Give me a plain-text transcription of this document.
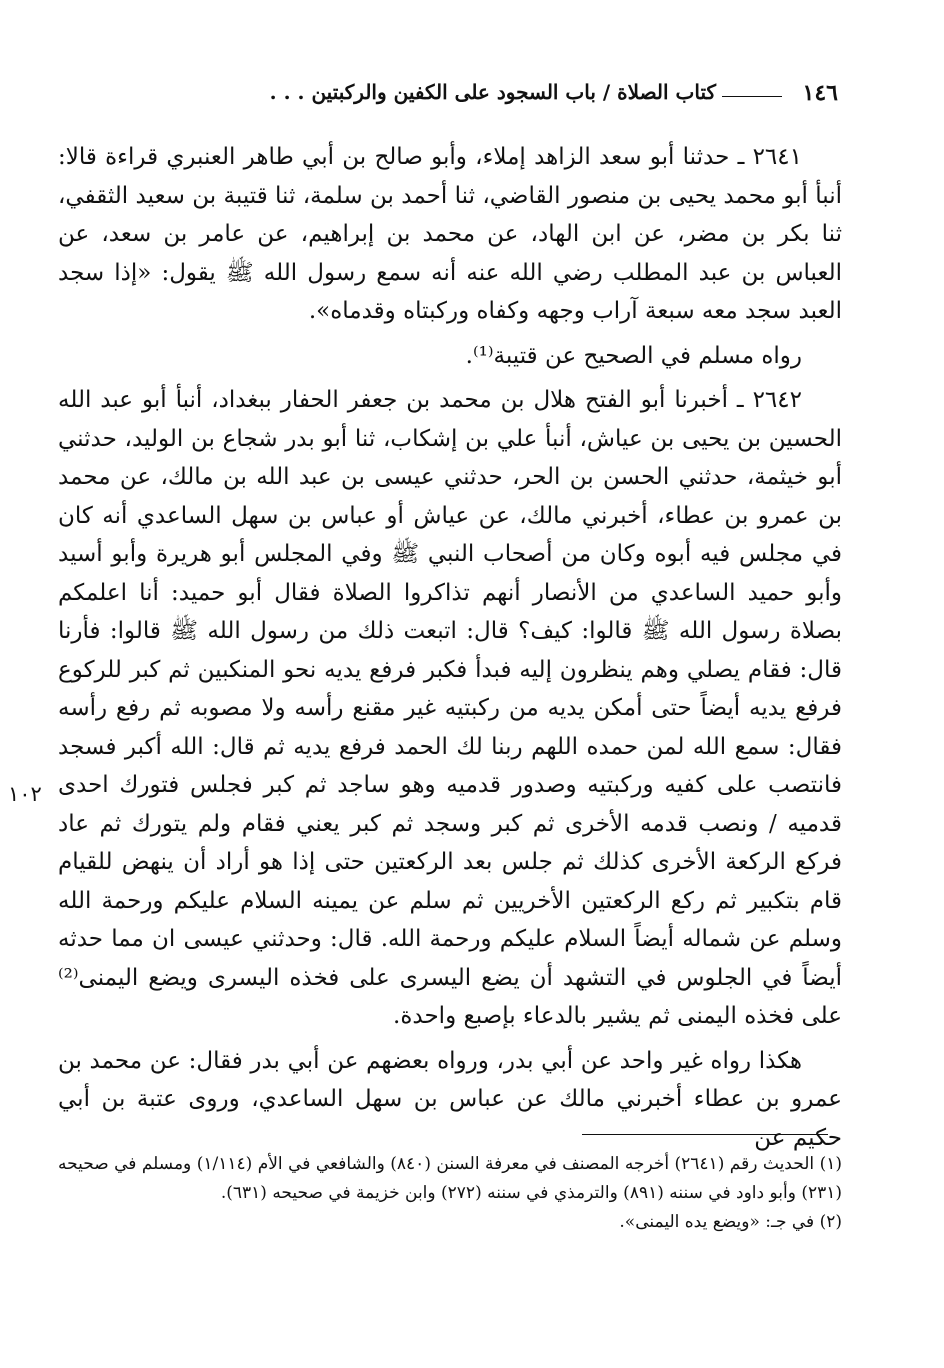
١٤٦
كتاب الصلاة / باب السجود على الكفين والركبتين . . .

٢٦٤١ ـ حدثنا أبو سعد الزاهد إملاء، وأبو صالح بن أبي طاهر العنبري قراءة قالا: أنبأ أبو محمد يحيى بن منصور القاضي، ثنا أحمد بن سلمة، ثنا قتيبة بن سعيد الثقفي، ثنا بكر بن مضر، عن ابن الهاد، عن محمد بن إبراهيم، عن عامر بن سعد، عن العباس بن عبد المطلب رضي الله عنه أنه سمع رسول الله ﷺ يقول: «إذا سجد العبد سجد معه سبعة آراب وجهه وكفاه وركبتاه وقدماه».

رواه مسلم في الصحيح عن قتيبة⁽¹⁾.

٢٦٤٢ ـ أخبرنا أبو الفتح هلال بن محمد بن جعفر الحفار ببغداد، أنبأ أبو عبد الله الحسين بن يحيى بن عياش، أنبأ علي بن إشكاب، ثنا أبو بدر شجاع بن الوليد، حدثني أبو خيثمة، حدثني الحسن بن الحر، حدثني عيسى بن عبد الله بن مالك، عن محمد بن عمرو بن عطاء، أخبرني مالك، عن عياش أو عباس بن سهل الساعدي أنه كان في مجلس فيه أبوه وكان من أصحاب النبي ﷺ وفي المجلس أبو هريرة وأبو أسيد وأبو حميد الساعدي من الأنصار أنهم تذاكروا الصلاة فقال أبو حميد: أنا اعلمكم بصلاة رسول الله ﷺ قالوا: كيف؟ قال: اتبعت ذلك من رسول الله ﷺ قالوا: فأرنا قال: فقام يصلي وهم ينظرون إليه فبدأ فكبر فرفع يديه نحو المنكبين ثم كبر للركوع فرفع يديه أيضاً حتى أمكن يديه من ركبتيه غير مقنع رأسه ولا مصوبه ثم رفع رأسه فقال: سمع الله لمن حمده اللهم ربنا لك الحمد فرفع يديه ثم قال: الله أكبر فسجد فانتصب على كفيه وركبتيه وصدور قدميه وهو ساجد ثم كبر فجلس فتورك احدى قدميه / ونصب قدمه الأخرى ثم كبر وسجد ثم كبر يعني فقام ولم يتورك ثم عاد فركع الركعة الأخرى كذلك ثم جلس بعد الركعتين حتى إذا هو أراد أن ينهض للقيام قام بتكبير ثم ركع الركعتين الأخريين ثم سلم عن يمينه السلام عليكم ورحمة الله وسلم عن شماله أيضاً السلام عليكم ورحمة الله. قال: وحدثني عيسى ان مما حدثه أيضاً في الجلوس في التشهد أن يضع اليسرى على فخذه اليسرى ويضع اليمنى⁽²⁾ على فخذه اليمنى ثم يشير بالدعاء بإصبع واحدة.

هكذا رواه غير واحد عن أبي بدر، ورواه بعضهم عن أبي بدر فقال: عن محمد بن عمرو بن عطاء أخبرني مالك عن عباس بن سهل الساعدي، وروى عتبة بن أبي حكيم عن

١٠٢

(١) الحديث رقم (٢٦٤١) أخرجه المصنف في معرفة السنن (٨٤٠) والشافعي في الأم (١/١١٤) ومسلم في صحيحه (٢٣١) وأبو داود في سننه (٨٩١) والترمذي في سننه (٢٧٢) وابن خزيمة في صحيحه (٦٣١).

(٢) في جـ: «ويضع يده اليمنى».
